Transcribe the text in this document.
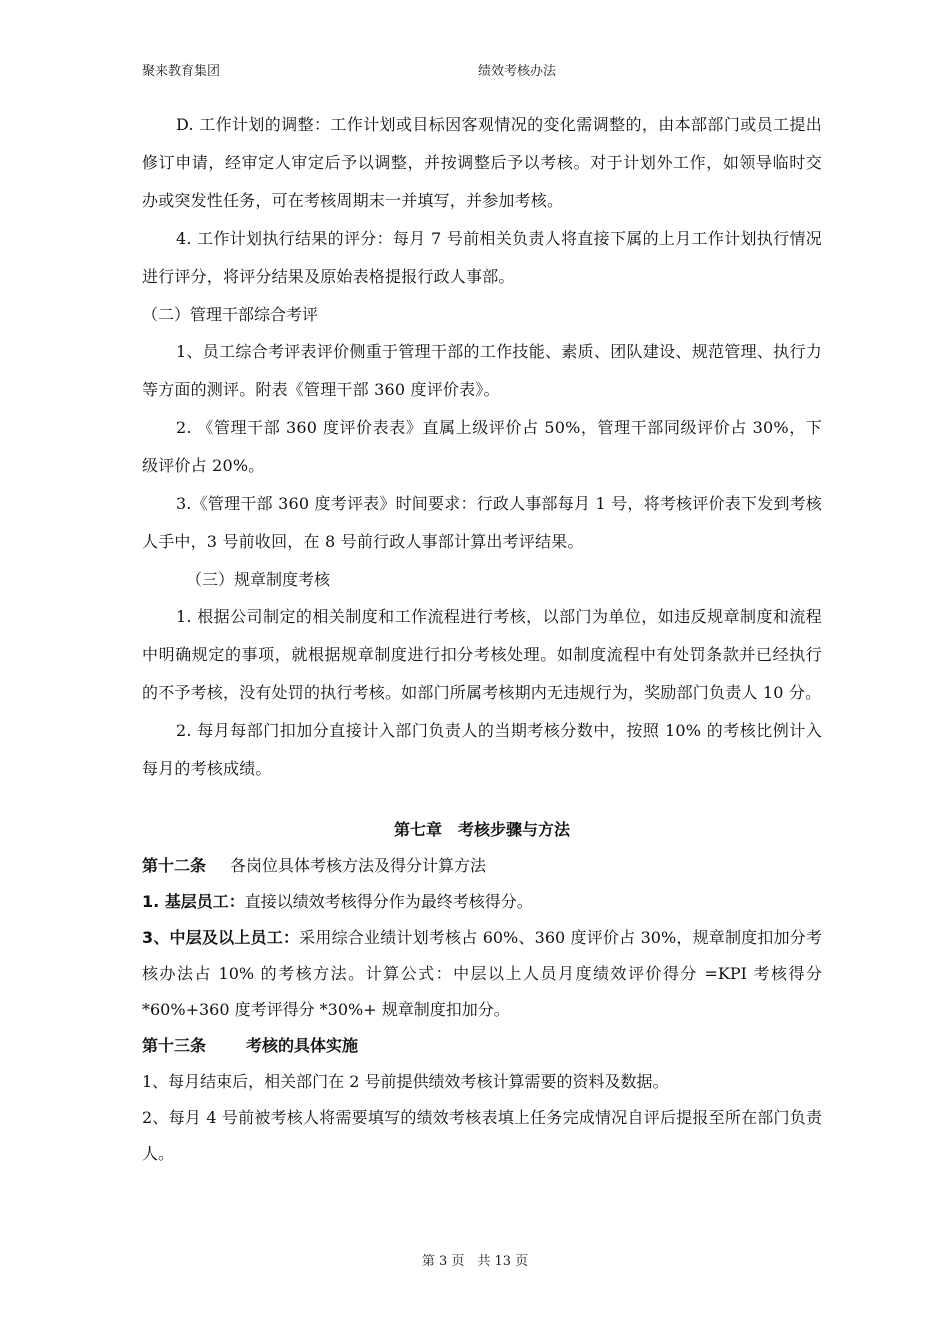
聚来教育集团	绩效考核办法

D. 工作计划的调整：工作计划或目标因客观情况的变化需调整的，由本部部门或员工提出修订申请，经审定人审定后予以调整，并按调整后予以考核。对于计划外工作，如领导临时交办或突发性任务，可在考核周期末一并填写，并参加考核。

4. 工作计划执行结果的评分：每月 7 号前相关负责人将直接下属的上月工作计划执行情况进行评分，将评分结果及原始表格提报行政人事部。

（二）管理干部综合考评

1、员工综合考评表评价侧重于管理干部的工作技能、素质、团队建设、规范管理、执行力等方面的测评。附表《管理干部 360 度评价表》。

2. 《管理干部 360 度评价表表》直属上级评价占 50%，管理干部同级评价占 30%，下级评价占 20%。

3.《管理干部 360 度考评表》时间要求：行政人事部每月 1 号，将考核评价表下发到考核人手中，3 号前收回，在 8 号前行政人事部计算出考评结果。

（三）规章制度考核

1. 根据公司制定的相关制度和工作流程进行考核，以部门为单位，如违反规章制度和流程中明确规定的事项，就根据规章制度进行扣分考核处理。如制度流程中有处罚条款并已经执行的不予考核，没有处罚的执行考核。如部门所属考核期内无违规行为，奖励部门负责人 10 分。

2. 每月每部门扣加分直接计入部门负责人的当期考核分数中，按照 10% 的考核比例计入每月的考核成绩。

第七章　考核步骤与方法

第十二条 各岗位具体考核方法及得分计算方法

1. 基层员工：直接以绩效考核得分作为最终考核得分。

3、中层及以上员工：采用综合业绩计划考核占 60%、360 度评价占 30%，规章制度扣加分考核办法占 10% 的考核方法。计算公式：中层以上人员月度绩效评价得分 =KPI 考核得分 *60%+360 度考评得分 *30%+ 规章制度扣加分。

第十三条	考核的具体实施

1、每月结束后，相关部门在 2 号前提供绩效考核计算需要的资料及数据。

2、每月 4 号前被考核人将需要填写的绩效考核表填上任务完成情况自评后提报至所在部门负责人。

第 3 页　共 13 页
